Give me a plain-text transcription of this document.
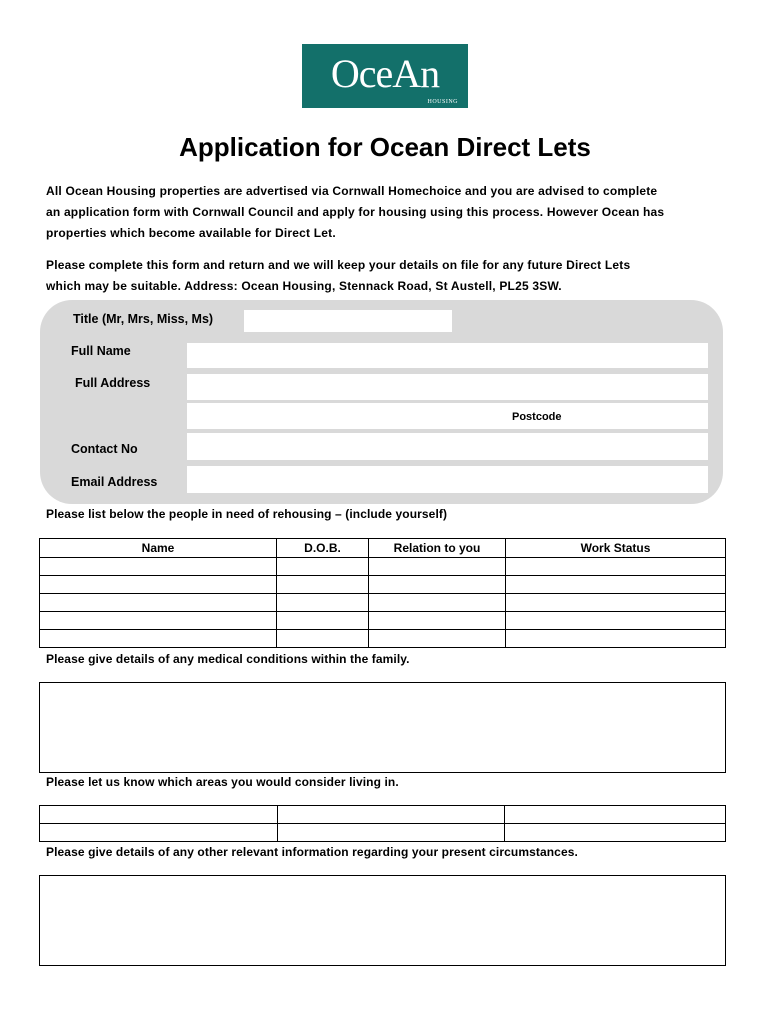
OceAn
HOUSING
Application for Ocean Direct Lets
All Ocean Housing properties are advertised via Cornwall Homechoice and you are advised to complete
an application form with Cornwall Council and apply for housing using this process. However Ocean has
properties which become available for Direct Let.
Please complete this form and return and we will keep your details on file for any future Direct Lets
which may be suitable. Address: Ocean Housing, Stennack Road, St Austell, PL25 3SW.
Title (Mr, Mrs, Miss, Ms)
Full Name
Full Address
Postcode
Contact No
Email Address
Please list below the people in need of rehousing – (include yourself)
Name	D.O.B.	Relation to you	Work Status

Please give details of any medical conditions within the family.
Please let us know which areas you would consider living in.

Please give details of any other relevant information regarding your present circumstances.
